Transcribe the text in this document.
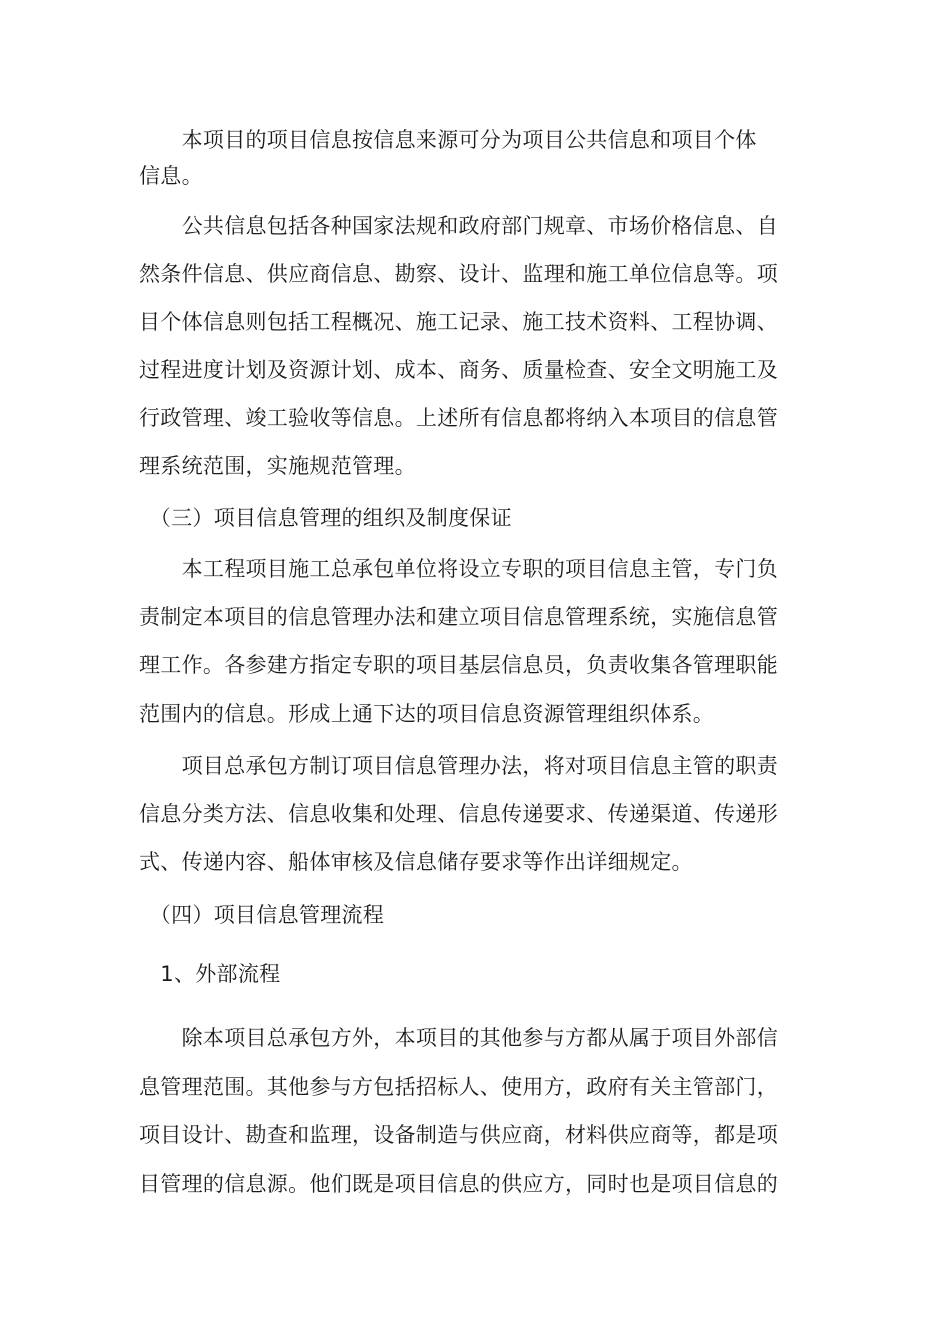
　　本项目的项目信息按信息来源可分为项目公共信息和项目个体
信息。
　　公共信息包括各种国家法规和政府部门规章、市场价格信息、自
然条件信息、供应商信息、勘察、设计、监理和施工单位信息等。项
目个体信息则包括工程概况、施工记录、施工技术资料、工程协调、
过程进度计划及资源计划、成本、商务、质量检查、安全文明施工及
行政管理、竣工验收等信息。上述所有信息都将纳入本项目的信息管
理系统范围，实施规范管理。
　（三）项目信息管理的组织及制度保证
　　本工程项目施工总承包单位将设立专职的项目信息主管，专门负
责制定本项目的信息管理办法和建立项目信息管理系统，实施信息管
理工作。各参建方指定专职的项目基层信息员，负责收集各管理职能
范围内的信息。形成上通下达的项目信息资源管理组织体系。
　　项目总承包方制订项目信息管理办法，将对项目信息主管的职责
信息分类方法、信息收集和处理、信息传递要求、传递渠道、传递形
式、传递内容、船体审核及信息储存要求等作出详细规定。
　（四）项目信息管理流程
　1、外部流程
　　除本项目总承包方外，本项目的其他参与方都从属于项目外部信
息管理范围。其他参与方包括招标人、使用方，政府有关主管部门，
项目设计、勘查和监理，设备制造与供应商，材料供应商等，都是项
目管理的信息源。他们既是项目信息的供应方，同时也是项目信息的
